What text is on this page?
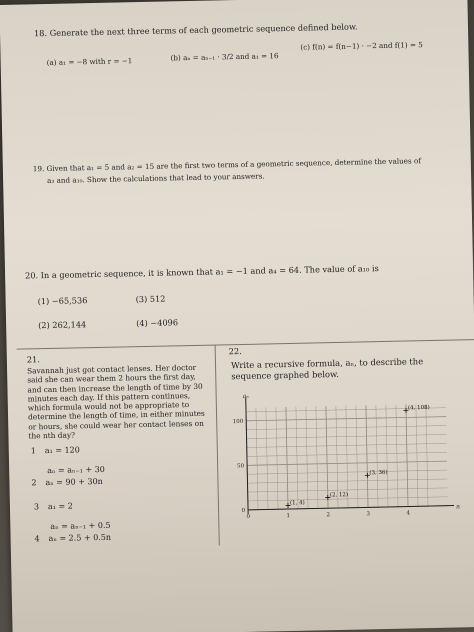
18. Generate the next three terms of each geometric sequence defined below.
(a) a₁ = −8 with r = −1	(b) aₙ = aₙ₋₁ · 3/2 and a₁ = 16
(c) f(n) = f(n−1) · −2 and f(1) = 5
19. Given that a₁ = 5 and a₂ = 15 are the first two terms of a geometric sequence, determine the values of
a₃ and a₁₀. Show the calculations that lead to your answers.
20. In a geometric sequence, it is known that a₁ = −1 and a₄ = 64. The value of a₁₀ is
(1) −65,536
(2) 262,144
(3) 512
(4) −4096
21.
Savannah just got contact lenses. Her doctor said she can wear them 2 hours the first day, and can then increase the length of time by 30 minutes each day. If this pattern continues, which formula would not be appropriate to determine the length of time, in either minutes or hours, she could wear her contact lenses on the nth day?
1 a₁ = 120
aₙ = aₙ₋₁ + 30
2 aₙ = 90 + 30n
3 a₁ = 2
aₙ = aₙ₋₁ + 0.5
4 aₙ = 2.5 + 0.5n
22.
Write a recursive formula, aₙ, to describe the sequence graphed below.
n
aₙ
100
50
0
0	1	2	3	4
(1, 4)
(2, 12)
(3, 36)
(4, 108)
